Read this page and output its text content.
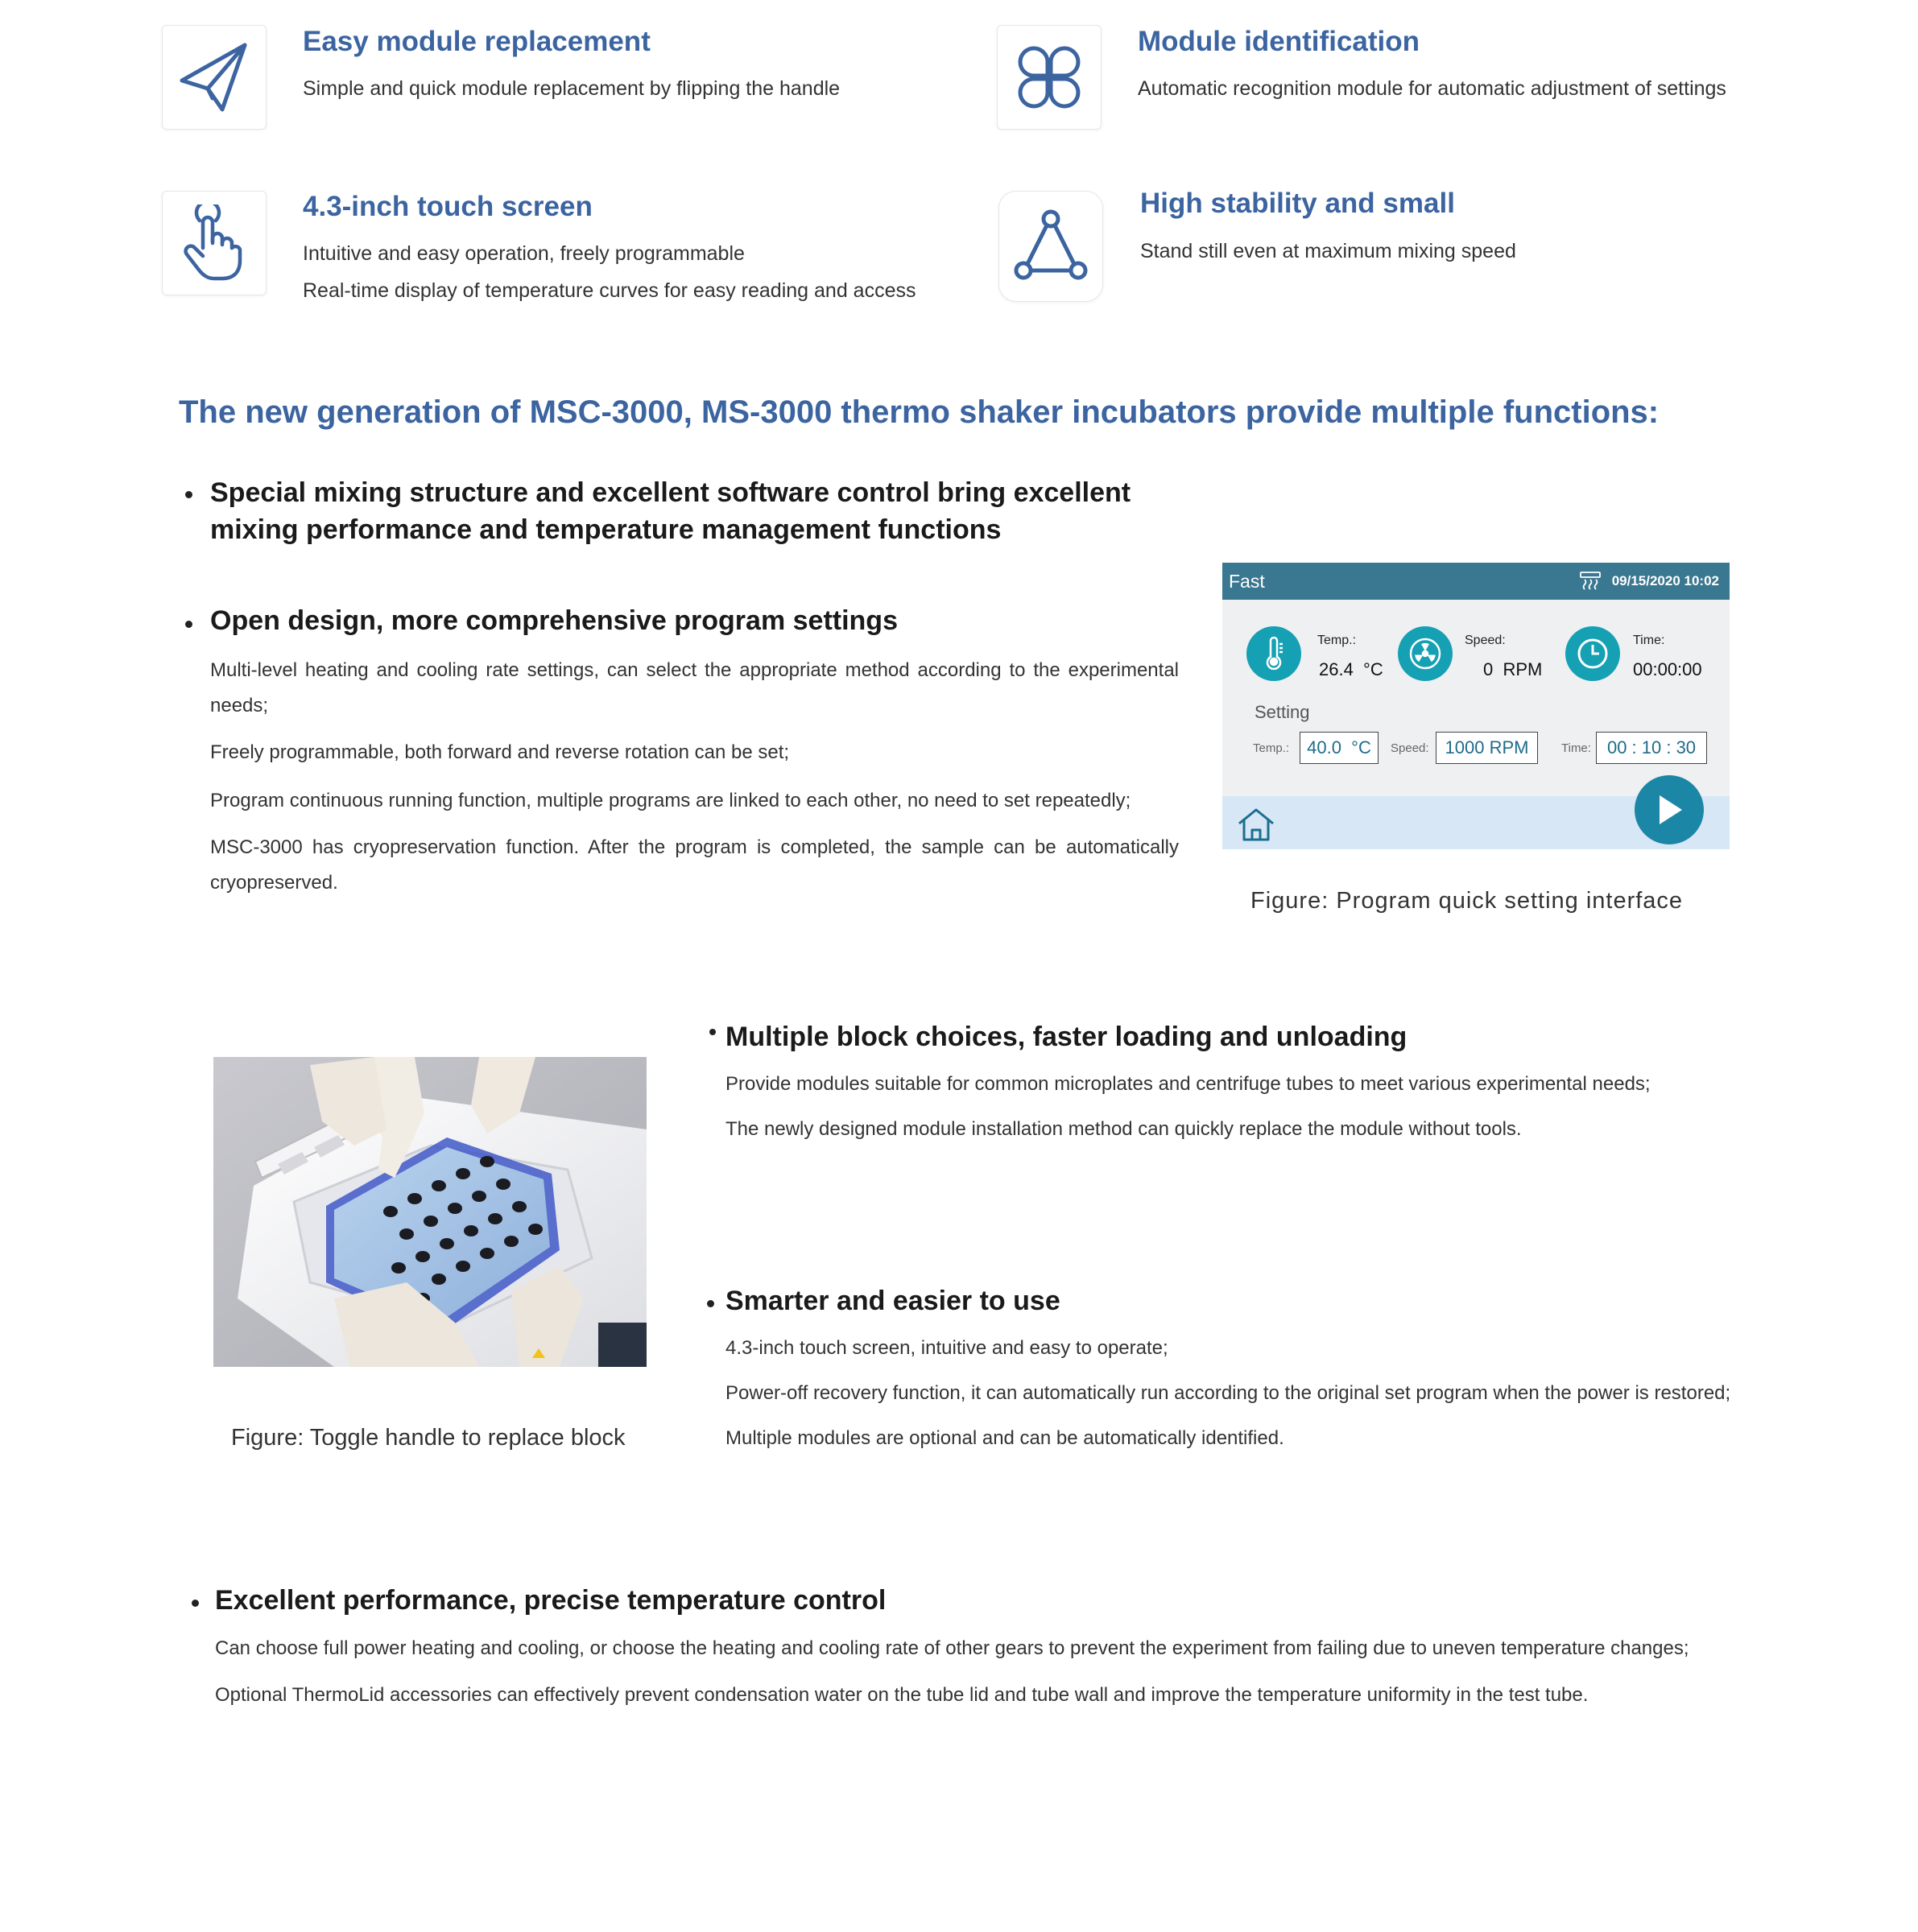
Easy module replacement
Simple and quick module replacement by flipping the handle
Module identification
Automatic recognition module for automatic adjustment of settings
4.3-inch touch screen
Intuitive and easy operation, freely programmable
Real-time display of temperature curves for easy reading and access
High stability and small
Stand still even at maximum mixing speed
The new generation of MSC-3000, MS-3000 thermo shaker incubators provide multiple functions:
Special mixing structure and excellent software control bring excellent
mixing performance and temperature management functions
Open design, more comprehensive program settings
Multi-level heating and cooling rate settings, can select the appropriate method according to the experimental needs;
Freely programmable, both forward and reverse rotation can be set;
Program continuous running function, multiple programs are linked to each other, no need to set repeatedly;
MSC-3000 has cryopreservation function. After the program is completed, the sample can be automatically cryopreserved.
Fast	09/15/2020 10:02
Temp.:
26.4  °C
Speed:
0  RPM
Time:
00:00:00
Setting
Temp.:	40.0  °C	Speed: 1000 RPM	Time: 00 : 10 : 30
Figure: Program quick setting interface
Figure: Toggle handle to replace block
Multiple block choices, faster loading and unloading
Provide modules suitable for common microplates and centrifuge tubes to meet various experimental needs;
The newly designed module installation method can quickly replace the module without tools.
Smarter and easier to use
4.3-inch touch screen, intuitive and easy to operate;
Power-off recovery function, it can automatically run according to the original set program when the power is restored;
Multiple modules are optional and can be automatically identified.
Excellent performance, precise temperature control
Can choose full power heating and cooling, or choose the heating and cooling rate of other gears to prevent the experiment from failing due to uneven temperature changes;
Optional ThermoLid accessories can effectively prevent condensation water on the tube lid and tube wall and improve the temperature uniformity in the test tube.
